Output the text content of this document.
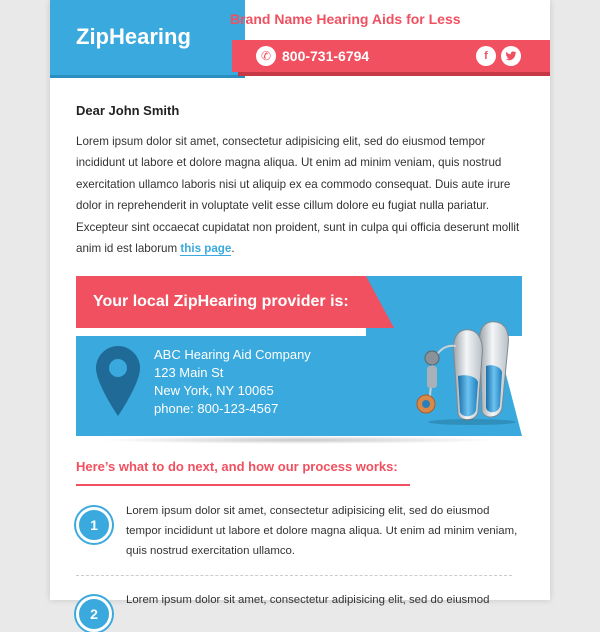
ZipHearing
Brand Name Hearing Aids for Less
✆ 800-731-6794	f
Dear John Smith
Lorem ipsum dolor sit amet, consectetur adipisicing elit, sed do eiusmod tempor incididunt ut labore et dolore magna aliqua. Ut enim ad minim veniam, quis nostrud exercitation ullamco laboris nisi ut aliquip ex ea commodo consequat. Duis aute irure dolor in reprehenderit in voluptate velit esse cillum dolore eu fugiat nulla pariatur. Excepteur sint occaecat cupidatat non proident, sunt in culpa qui officia deserunt mollit anim id est laborum this page.
Your local ZipHearing provider is:
ABC Hearing Aid Company
123 Main St
New York, NY 10065
phone: 800-123-4567
Here’s what to do next, and how our process works:
1
Lorem ipsum dolor sit amet, consectetur adipisicing elit, sed do eiusmod tempor incididunt ut labore et dolore magna aliqua. Ut enim ad minim veniam, quis nostrud exercitation ullamco.
2
Lorem ipsum dolor sit amet, consectetur adipisicing elit, sed do eiusmod
